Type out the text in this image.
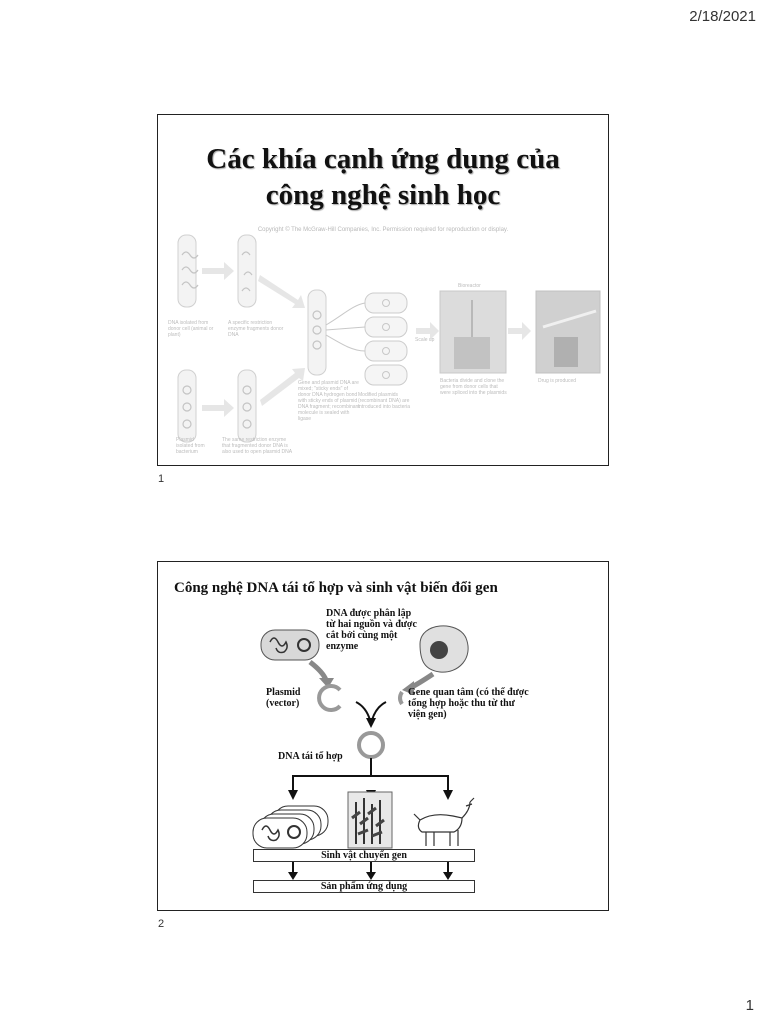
2/18/2021
Các khía cạnh ứng dụng của
công nghệ sinh học
Copyright © The McGraw-Hill Companies, Inc. Permission required for reproduction or display.
DNA isolated from donor cell (animal or plant)
A specific restriction enzyme fragments donor DNA
Plasmid isolated from bacterium
The same restriction enzyme that fragmented donor DNA is also used to open plasmid DNA
Gene and plasmid DNA are mixed; "sticky ends" of donor DNA hydrogen bond with sticky ends of plasmid DNA fragment; recombinant molecule is sealed with ligase
Modified plasmids (recombinant DNA) are introduced into bacteria
Scale up
Bioreactor
Bacteria divide and clone the gene from donor cells that were spliced into the plasmids
Drug is produced
1
Công nghệ DNA tái tổ hợp và sinh vật biến đổi gen
DNA được phân lập từ hai nguồn và được cắt bởi cùng một enzyme
Plasmid (vector)
Gene quan tâm (có thể được tổng hợp hoặc thu từ thư viện gen)
DNA tái tổ hợp
Sinh vật chuyển gen
Sản phẩm ứng dụng
2
1
